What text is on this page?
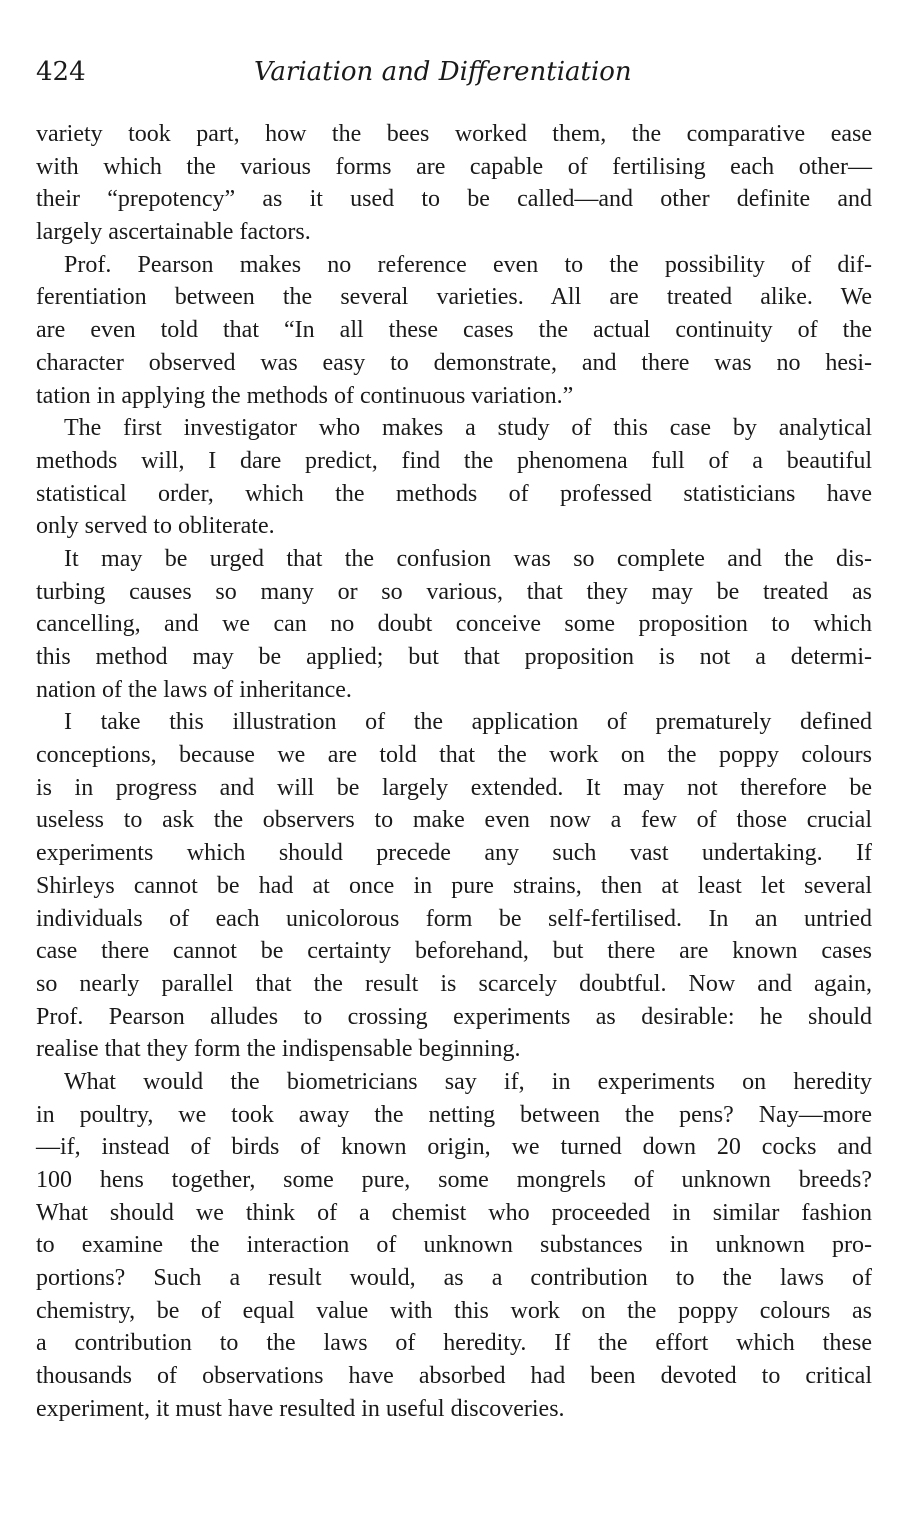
424	Variation and Differentiation
variety took part, how the bees worked them, the comparative ease
with which the various forms are capable of fertilising each other—
their “prepotency” as it used to be called—and other definite and
largely ascertainable factors.
Prof. Pearson makes no reference even to the possibility of dif-
ferentiation between the several varieties. All are treated alike. We
are even told that “In all these cases the actual continuity of the
character observed was easy to demonstrate, and there was no hesi-
tation in applying the methods of continuous variation.”
The first investigator who makes a study of this case by analytical
methods will, I dare predict, find the phenomena full of a beautiful
statistical order, which the methods of professed statisticians have
only served to obliterate.
It may be urged that the confusion was so complete and the dis-
turbing causes so many or so various, that they may be treated as
cancelling, and we can no doubt conceive some proposition to which
this method may be applied; but that proposition is not a determi-
nation of the laws of inheritance.
I take this illustration of the application of prematurely defined
conceptions, because we are told that the work on the poppy colours
is in progress and will be largely extended. It may not therefore be
useless to ask the observers to make even now a few of those crucial
experiments which should precede any such vast undertaking. If
Shirleys cannot be had at once in pure strains, then at least let several
individuals of each unicolorous form be self-fertilised. In an untried
case there cannot be certainty beforehand, but there are known cases
so nearly parallel that the result is scarcely doubtful. Now and again,
Prof. Pearson alludes to crossing experiments as desirable: he should
realise that they form the indispensable beginning.
What would the biometricians say if, in experiments on heredity
in poultry, we took away the netting between the pens? Nay—more
—if, instead of birds of known origin, we turned down 20 cocks and
100 hens together, some pure, some mongrels of unknown breeds?
What should we think of a chemist who proceeded in similar fashion
to examine the interaction of unknown substances in unknown pro-
portions? Such a result would, as a contribution to the laws of
chemistry, be of equal value with this work on the poppy colours as
a contribution to the laws of heredity. If the effort which these
thousands of observations have absorbed had been devoted to critical
experiment, it must have resulted in useful discoveries.
